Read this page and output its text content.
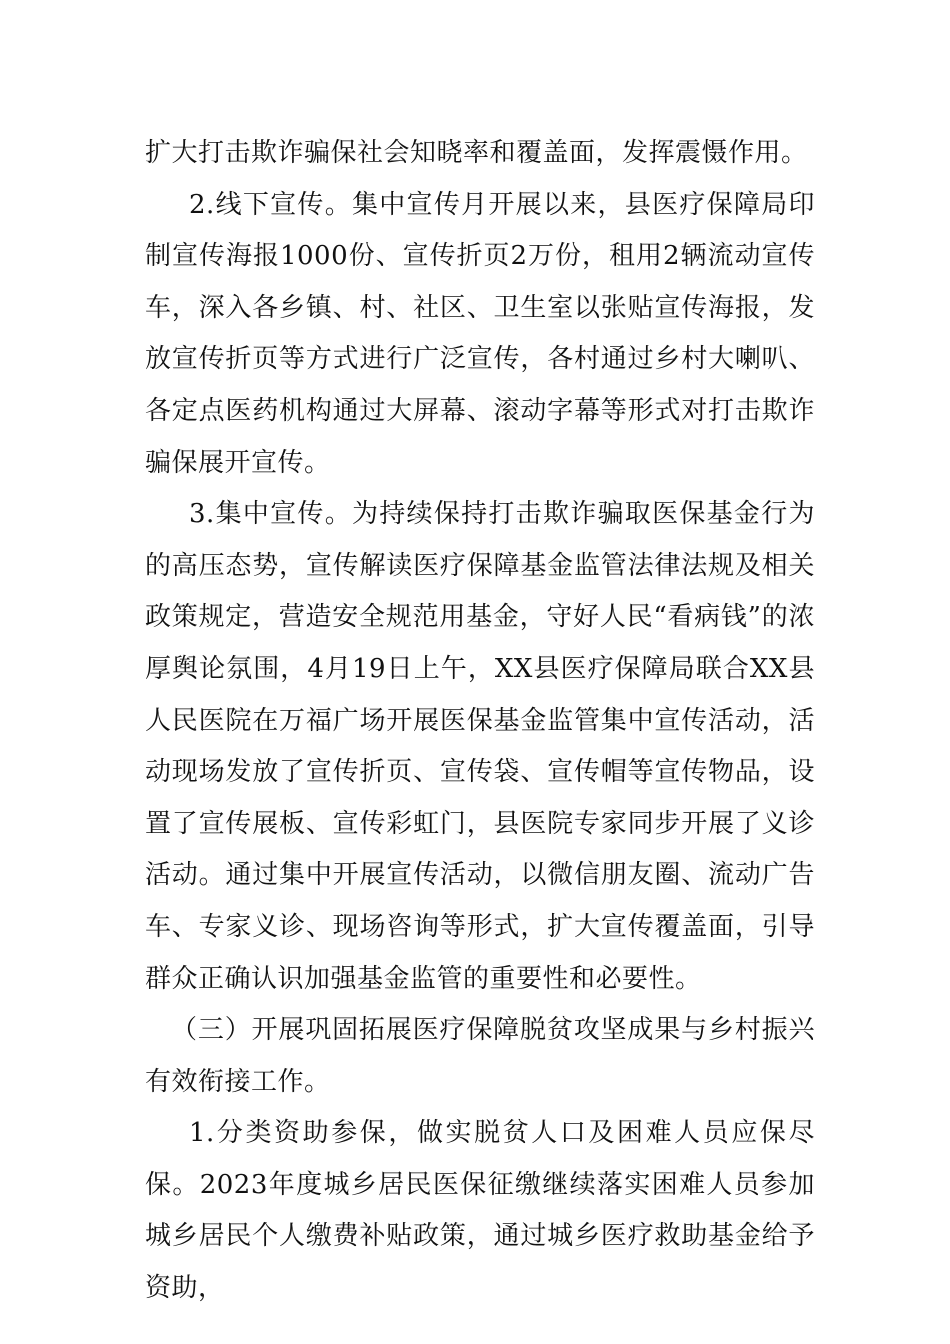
扩大打击欺诈骗保社会知晓率和覆盖面，发挥震慑作用。

2.线下宣传。集中宣传月开展以来，县医疗保障局印制宣传海报1000份、宣传折页2万份，租用2辆流动宣传车，深入各乡镇、村、社区、卫生室以张贴宣传海报，发放宣传折页等方式进行广泛宣传，各村通过乡村大喇叭、各定点医药机构通过大屏幕、滚动字幕等形式对打击欺诈骗保展开宣传。

3.集中宣传。为持续保持打击欺诈骗取医保基金行为的高压态势，宣传解读医疗保障基金监管法律法规及相关政策规定，营造安全规范用基金，守好人民“看病钱”的浓厚舆论氛围，4月19日上午，XX县医疗保障局联合XX县人民医院在万福广场开展医保基金监管集中宣传活动，活动现场发放了宣传折页、宣传袋、宣传帽等宣传物品，设置了宣传展板、宣传彩虹门，县医院专家同步开展了义诊活动。通过集中开展宣传活动，以微信朋友圈、流动广告车、专家义诊、现场咨询等形式，扩大宣传覆盖面，引导群众正确认识加强基金监管的重要性和必要性。

（三）开展巩固拓展医疗保障脱贫攻坚成果与乡村振兴有效衔接工作。

1.分类资助参保，做实脱贫人口及困难人员应保尽保。2023年度城乡居民医保征缴继续落实困难人员参加城乡居民个人缴费补贴政策，通过城乡医疗救助基金给予资助，
